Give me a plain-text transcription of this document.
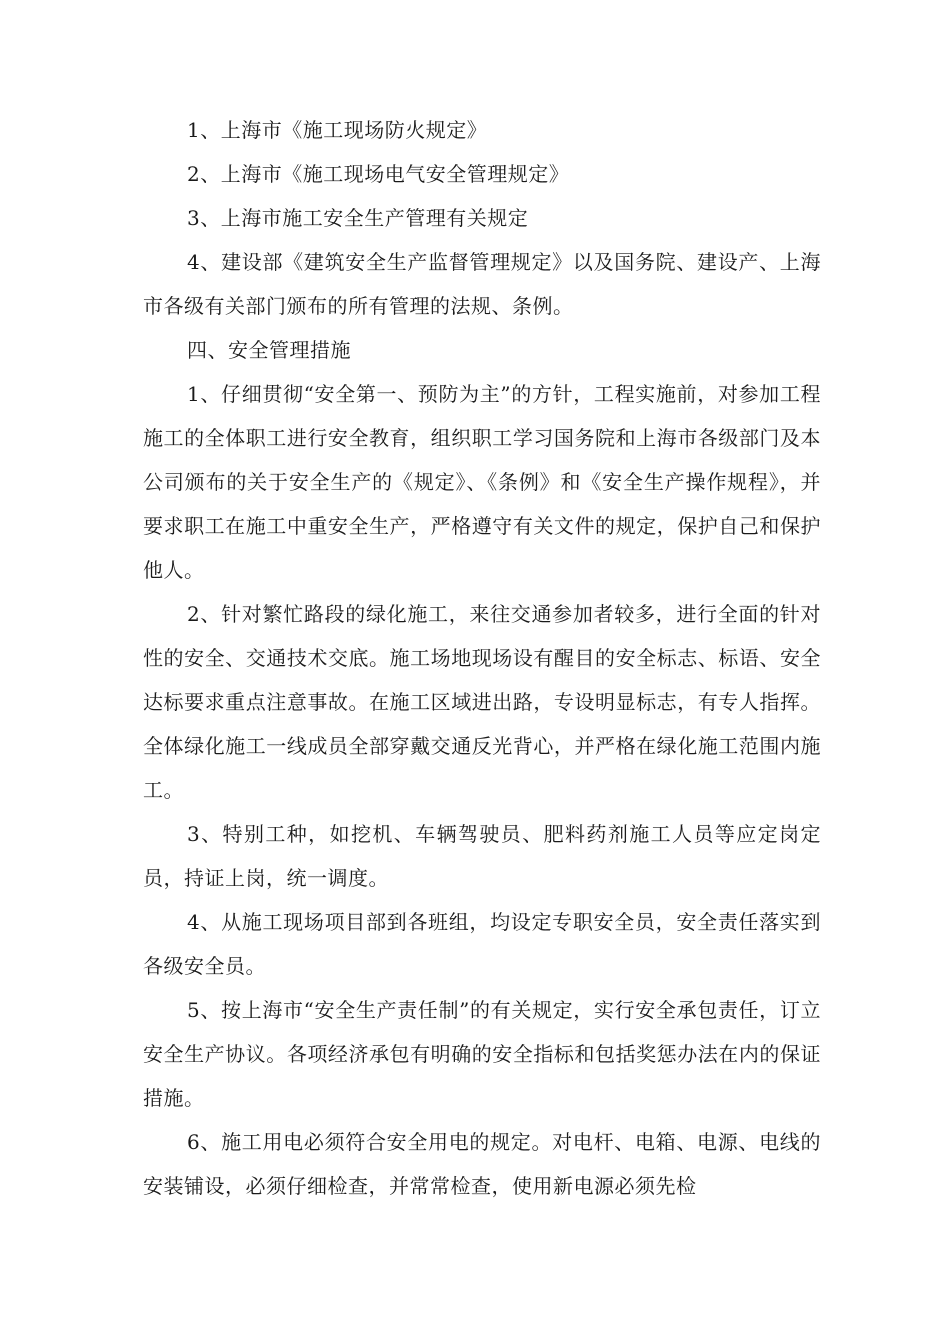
1、上海市《施工现场防火规定》

2、上海市《施工现场电气安全管理规定》

3、上海市施工安全生产管理有关规定

4、建设部《建筑安全生产监督管理规定》以及国务院、建设产、上海市各级有关部门颁布的所有管理的法规、条例。

四、安全管理措施

1、仔细贯彻“安全第一、预防为主”的方针，工程实施前，对参加工程施工的全体职工进行安全教育，组织职工学习国务院和上海市各级部门及本公司颁布的关于安全生产的《规定》、《条例》和《安全生产操作规程》，并要求职工在施工中重安全生产，严格遵守有关文件的规定，保护自己和保护他人。

2、针对繁忙路段的绿化施工，来往交通参加者较多，进行全面的针对性的安全、交通技术交底。施工场地现场设有醒目的安全标志、标语、安全达标要求重点注意事故。在施工区域进出路，专设明显标志，有专人指挥。全体绿化施工一线成员全部穿戴交通反光背心，并严格在绿化施工范围内施工。

3、特别工种，如挖机、车辆驾驶员、肥料药剂施工人员等应定岗定员，持证上岗，统一调度。

4、从施工现场项目部到各班组，均设定专职安全员，安全责任落实到各级安全员。

5、按上海市“安全生产责任制”的有关规定，实行安全承包责任，订立安全生产协议。各项经济承包有明确的安全指标和包括奖惩办法在内的保证措施。

6、施工用电必须符合安全用电的规定。对电杆、电箱、电源、电线的安装铺设，必须仔细检查，并常常检查，使用新电源必须先检
